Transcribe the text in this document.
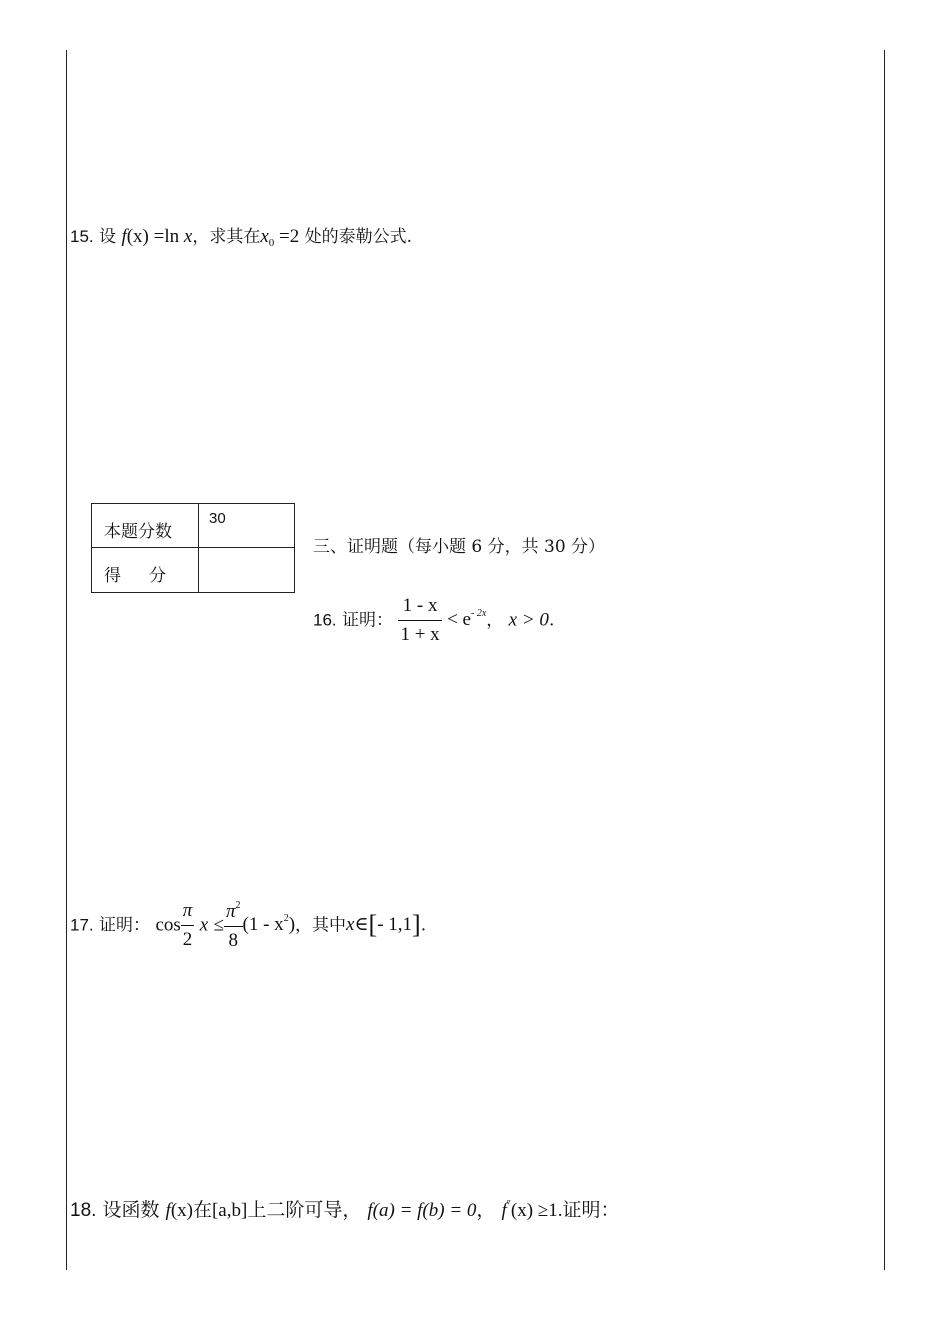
15. 设 f(x) =ln x，求其在$x_0 =2$ 处的泰勒公式.
本题分数
30
得分
三、证明题（每小题 6 分，共 30 分）
16. 证明： $\frac{1 - x}{1 + x} < e^{- 2x}$， x > 0.
17. 证明： $\cos \frac{\pi}{2}$ $x \le \frac{\pi^2}{8} (1 - x^2)$，其中x∈[- 1,1].
18. 设函数 f(x)在[a,b]上二阶可导， f(a) = f(b) = 0， f″(x) ≥1.证明：
